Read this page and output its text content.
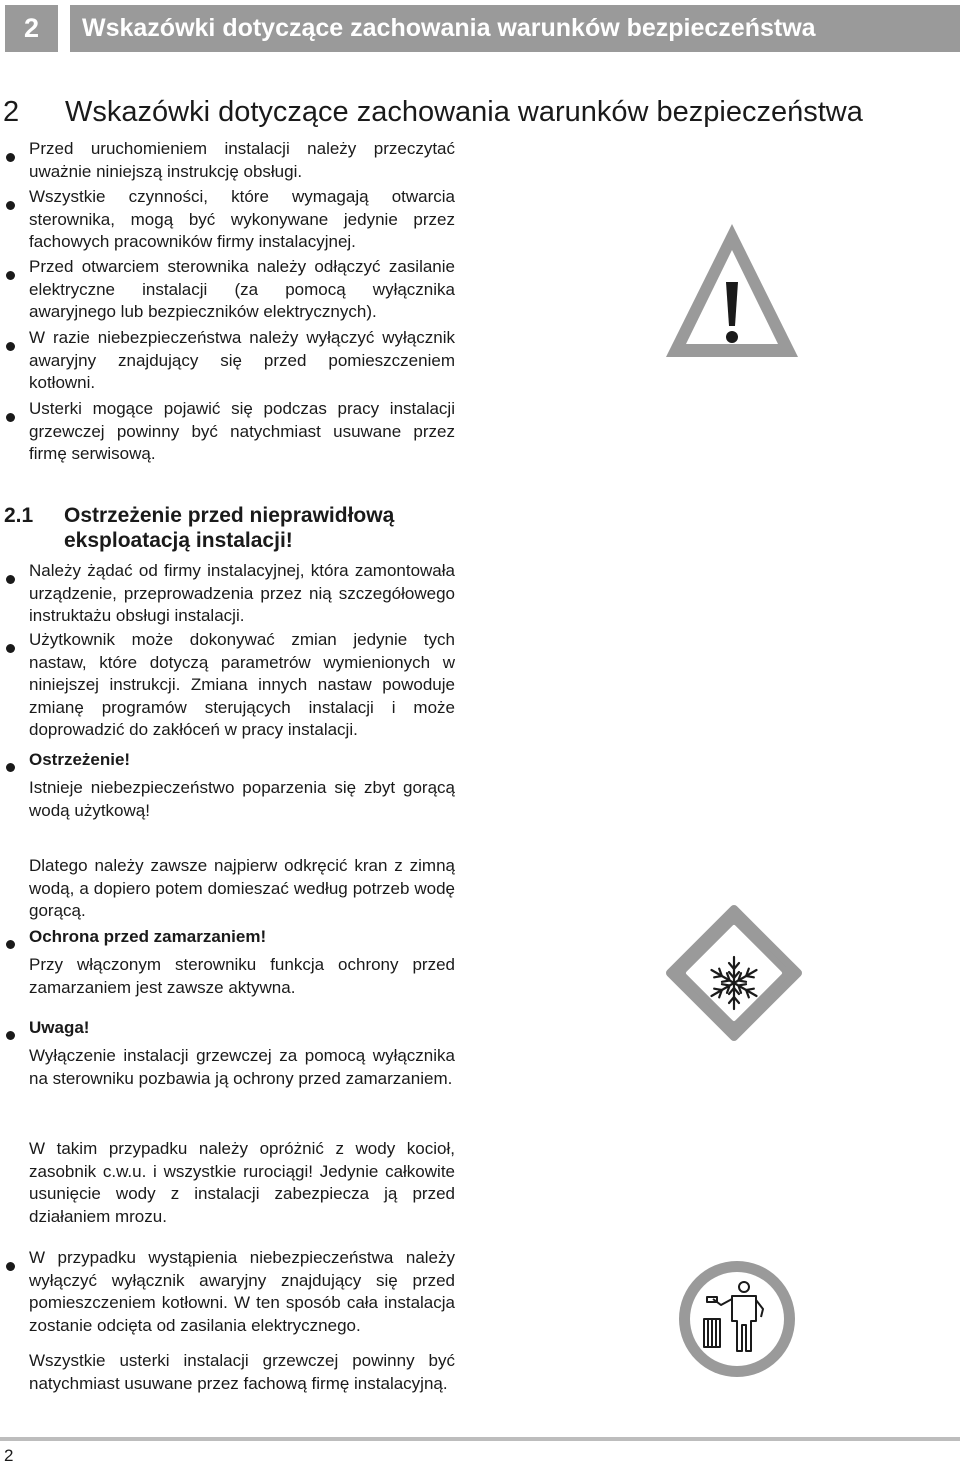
2	Wskazówki dotyczące zachowania warunków bezpieczeństwa
2 Wskazówki dotyczące zachowania warunków bezpieczeństwa

Przed uruchomieniem instalacji należy przeczytać uważnie niniejszą instrukcję obsługi.

Wszystkie czynności, które wymagają otwarcia sterownika, mogą być wykonywane jedynie przez fachowych pracowników firmy instalacyjnej.

Przed otwarciem sterownika należy odłączyć zasilanie elektryczne instalacji (za pomocą wyłącznika awaryjnego lub bezpieczników elektrycznych).

W razie niebezpieczeństwa należy wyłączyć wyłącznik awaryjny znajdujący się przed pomieszczeniem kotłowni.

Usterki mogące pojawić się podczas pracy instalacji grzewczej powinny być natychmiast usuwane przez firmę serwisową.

2.1 Ostrzeżenie przed nieprawidłową eksploatacją instalacji!

Należy żądać od firmy instalacyjnej, która zamontowała urządzenie, przeprowadzenia przez nią szczegółowego instruktażu obsługi instalacji.

Użytkownik może dokonywać zmian jedynie tych nastaw, które dotyczą parametrów wymienionych w niniejszej instrukcji. Zmiana innych nastaw powoduje zmianę programów sterujących instalacji i może doprowadzić do zakłóceń w pracy instalacji.

Ostrzeżenie!

Istnieje niebezpieczeństwo poparzenia się zbyt gorącą wodą użytkową!

Dlatego należy zawsze najpierw odkręcić kran z zimną wodą, a dopiero potem domieszać według potrzeb wodę gorącą.

Ochrona przed zamarzaniem!

Przy włączonym sterowniku funkcja ochrony przed zamarzaniem jest zawsze aktywna.

Uwaga!

Wyłączenie instalacji grzewczej za pomocą wyłącznika na sterowniku pozbawia ją ochrony przed zamarzaniem.

W takim przypadku należy opróżnić z wody kocioł, zasobnik c.w.u. i wszystkie rurociągi! Jedynie całkowite usunięcie wody z instalacji zabezpiecza ją przed działaniem mrozu.

W przypadku wystąpienia niebezpieczeństwa należy wyłączyć wyłącznik awaryjny znajdujący się przed pomieszczeniem kotłowni. W ten sposób cała instalacja zostanie odcięta od zasilania elektrycznego.

Wszystkie usterki instalacji grzewczej powinny być natychmiast usuwane przez fachową firmę instalacyjną.

2
